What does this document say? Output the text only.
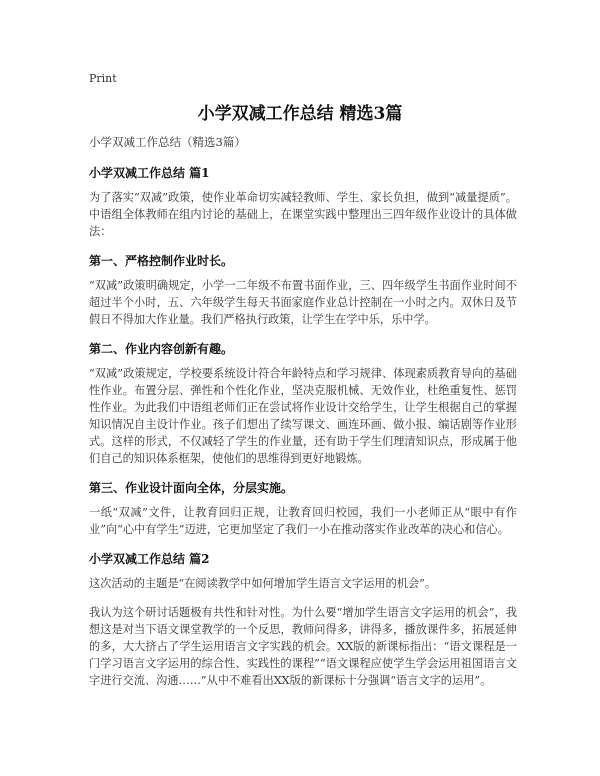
Print
小学双减工作总结 精选3篇
小学双减工作总结（精选3篇）
小学双减工作总结 篇1
为了落实“双减”政策，使作业革命切实减轻教师、学生、家长负担，做到“减量提质”。中语组全体教师在组内讨论的基础上，在课堂实践中整理出三四年级作业设计的具体做法：
第一、严格控制作业时长。
“双减”政策明确规定，小学一二年级不布置书面作业，三、四年级学生书面作业时间不超过半个小时，五、六年级学生每天书面家庭作业总计控制在一小时之内。双休日及节假日不得加大作业量。我们严格执行政策，让学生在学中乐，乐中学。
第二、作业内容创新有趣。
“双减”政策规定，学校要系统设计符合年龄特点和学习规律、体现素质教育导向的基础性作业。布置分层、弹性和个性化作业，坚决克服机械、无效作业，杜绝重复性、惩罚性作业。为此我们中语组老师们正在尝试将作业设计交给学生，让学生根据自己的掌握知识情况自主设计作业。孩子们想出了续写课文、画连环画、做小报、编话剧等作业形式。这样的形式，不仅减轻了学生的作业量，还有助于学生们理清知识点，形成属于他们自己的知识体系框架，使他们的思维得到更好地锻炼。
第三、作业设计面向全体，分层实施。
一纸“双减”文件，让教育回归正规，让教育回归校园，我们一小老师正从“眼中有作业”向“心中有学生”迈进，它更加坚定了我们一小在推动落实作业改革的决心和信心。
小学双减工作总结 篇2
这次活动的主题是“在阅读教学中如何增加学生语言文字运用的机会”。
我认为这个研讨话题极有共性和针对性。为什么要“增加学生语言文字运用的机会”，我想这是对当下语文课堂教学的一个反思，教师问得多，讲得多，播放课件多，拓展延伸的多，大大挤占了学生运用语言文字实践的机会。XX版的新课标指出：“语文课程是一门学习语言文字运用的综合性、实践性的课程”“语文课程应使学生学会运用祖国语言文字进行交流、沟通……”从中不难看出XX版的新课标十分强调“语言文字的运用”。
